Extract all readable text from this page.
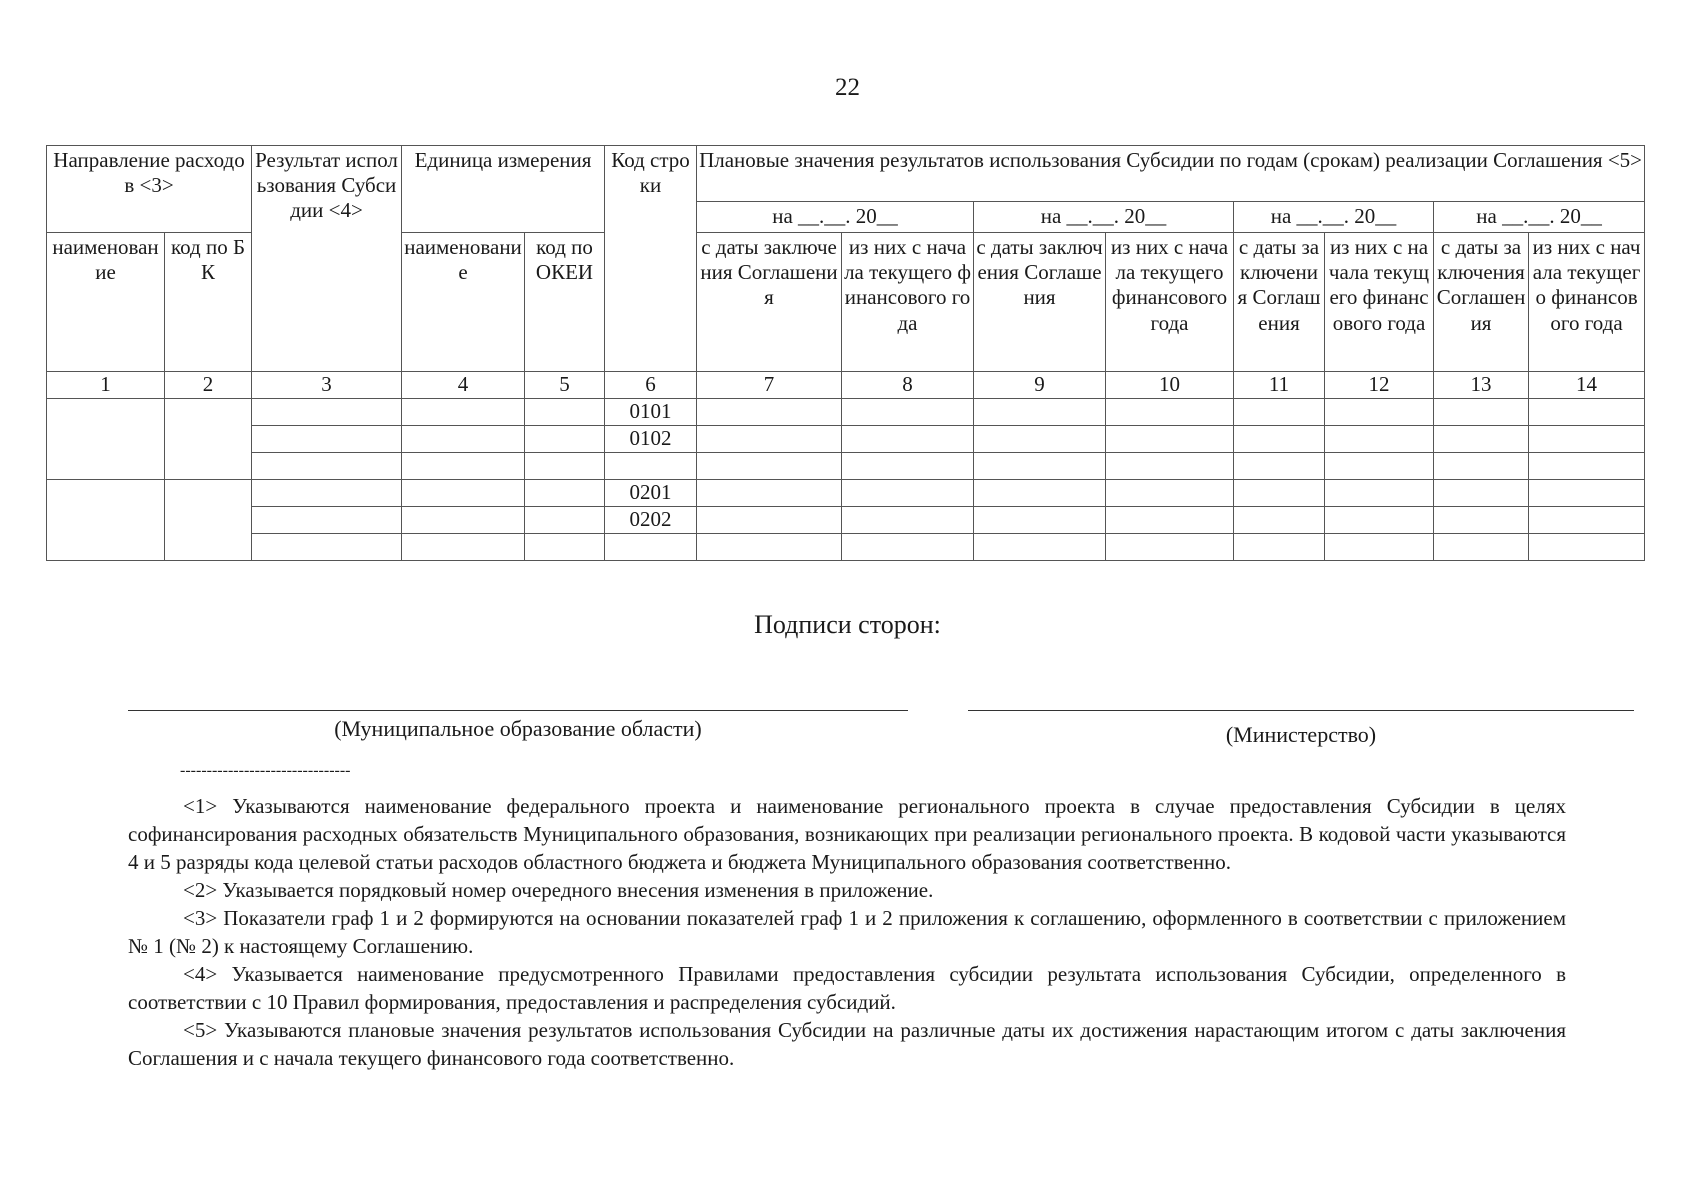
22
Направление расходов <3>		Результат использования Субсидии <4>	Единица измерения		Код строки	Плановые значения результатов использования Субсидии по годам (срокам) реализации Соглашения <5>							
						на __.__. 20__		на __.__. 20__		на __.__. 20__		на __.__. 20__	
наименование	код по БК		наименование	код по ОКЕИ		с даты заключения Соглашения	из них с начала текущего финансового года	с даты заключения Соглашения	из них с начала текущего финансового года	с даты заключения Соглашения	из них с начала текущего финансового года	с даты заключения Соглашения	из них с начала текущего финансового года

1	2	3	4	5	6	7	8	9	10	11	12	13	14
					0101								
					0102								

					0201								
					0202								

Подписи сторон:
(Муниципальное образование области)	(Министерство)
--------------------------------

<1> Указываются наименование федерального проекта и наименование регионального проекта в случае предоставления Субсидии в целях софинансирования расходных обязательств Муниципального образования, возникающих при реализации регионального проекта. В кодовой части указываются 4 и 5 разряды кода целевой статьи расходов областного бюджета и бюджета Муниципального образования соответственно.

<2> Указывается порядковый номер очередного внесения изменения в приложение.

<3> Показатели граф 1 и 2 формируются на основании показателей граф 1 и 2 приложения к соглашению, оформленного в соответствии с приложением № 1 (№ 2) к настоящему Соглашению.

<4> Указывается наименование предусмотренного Правилами предоставления субсидии результата использования Субсидии, определенного в соответствии с 10 Правил формирования, предоставления и распределения субсидий.

<5> Указываются плановые значения результатов использования Субсидии на различные даты их достижения нарастающим итогом с даты заключения Соглашения и с начала текущего финансового года соответственно.
